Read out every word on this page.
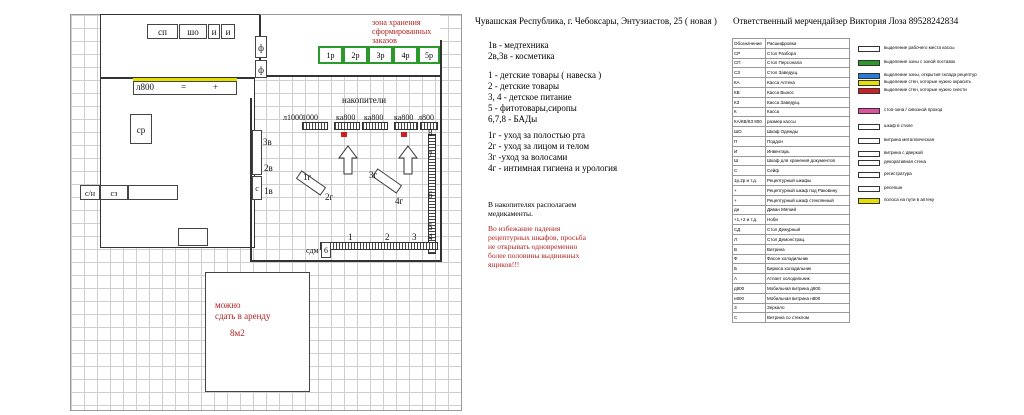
Чувашская Республика, г. Чебоксары, Энтузиастов, 25 ( новая ) Ответственный мерчендайзер Виктория Лоза 89528242834
зона хранения сформированных заказов
сп	шо	и	и
ф
ф
1р	2р	3р	4р	5р
л800	+
=
ср
с/н	сз
накопители
л1000 1000 ка800 ка800 ка800 л800
8
7
6
5
1	2	3 4
сдм 6
3в
2в
с 1в
1г
2г
3г
4г
можно
сдать в аренду
8м2
1в - медтехника
2в,3в - косметика
1 - детские товары ( навеска )
2 - детские товары
3, 4 - детское питание
5 - фитотовары,сиропы
6,7,8 - БАДы
1г - уход за полостью рта
2г - уход за лицом и телом
3г -уход за волосами
4г - интимная гигиена и урология
В накопителях располагаем
медикаменты.
Во избежание падения
рецептурных шкафов, просьба
не открывать одновременно
более половины выдвижных
ящиков!!!
Обозначение	Расшифровка
СР	Стол Разбора
СП	Стол Персонала
СЗ	Стол Заведущ.
КА	Касса Аптека
КВ	Касса Вынос
КЗ	Касса Заведущ.
К	Касса
КА/КВ/КЗ 800	размер кассы
ШО	Шкаф Одежды
П	Поддон
И	Инвентарь
Ш	Шкаф для хранения документов
С	Сейф
1р,2р и т.д.	Рецептурный шкафы
+	Рецептурный шкаф под Раковину
+	Рецептурный шкаф стеклянный
ди	Диван Мягкий
+1,+2 и т.д.	Ноби
СД	Стол Дежурный
Л	Стол Демонстрац.
В	Витрина
Ф	Фасон холодильник
Б	Бирюса холодильник
А	Атлант холодильник
д800	Мобильная витрина д800
н800	Мобильная витрина н800
З	Зеркало
С	Витрина со стеклом
выделение рабочего места кассы
выделение зоны с зоной поставок
выделение зоны, открытия склада рецептур
выделение стен, которые нужно окрасить
выделение стен, которые нужно снести
стоп-зона / сквозной проход
шкаф в стиле
витрина металлическая
витрина с дверкой
декоративная стена
регистратура
ресепшн
полоса на пути в аптеку
